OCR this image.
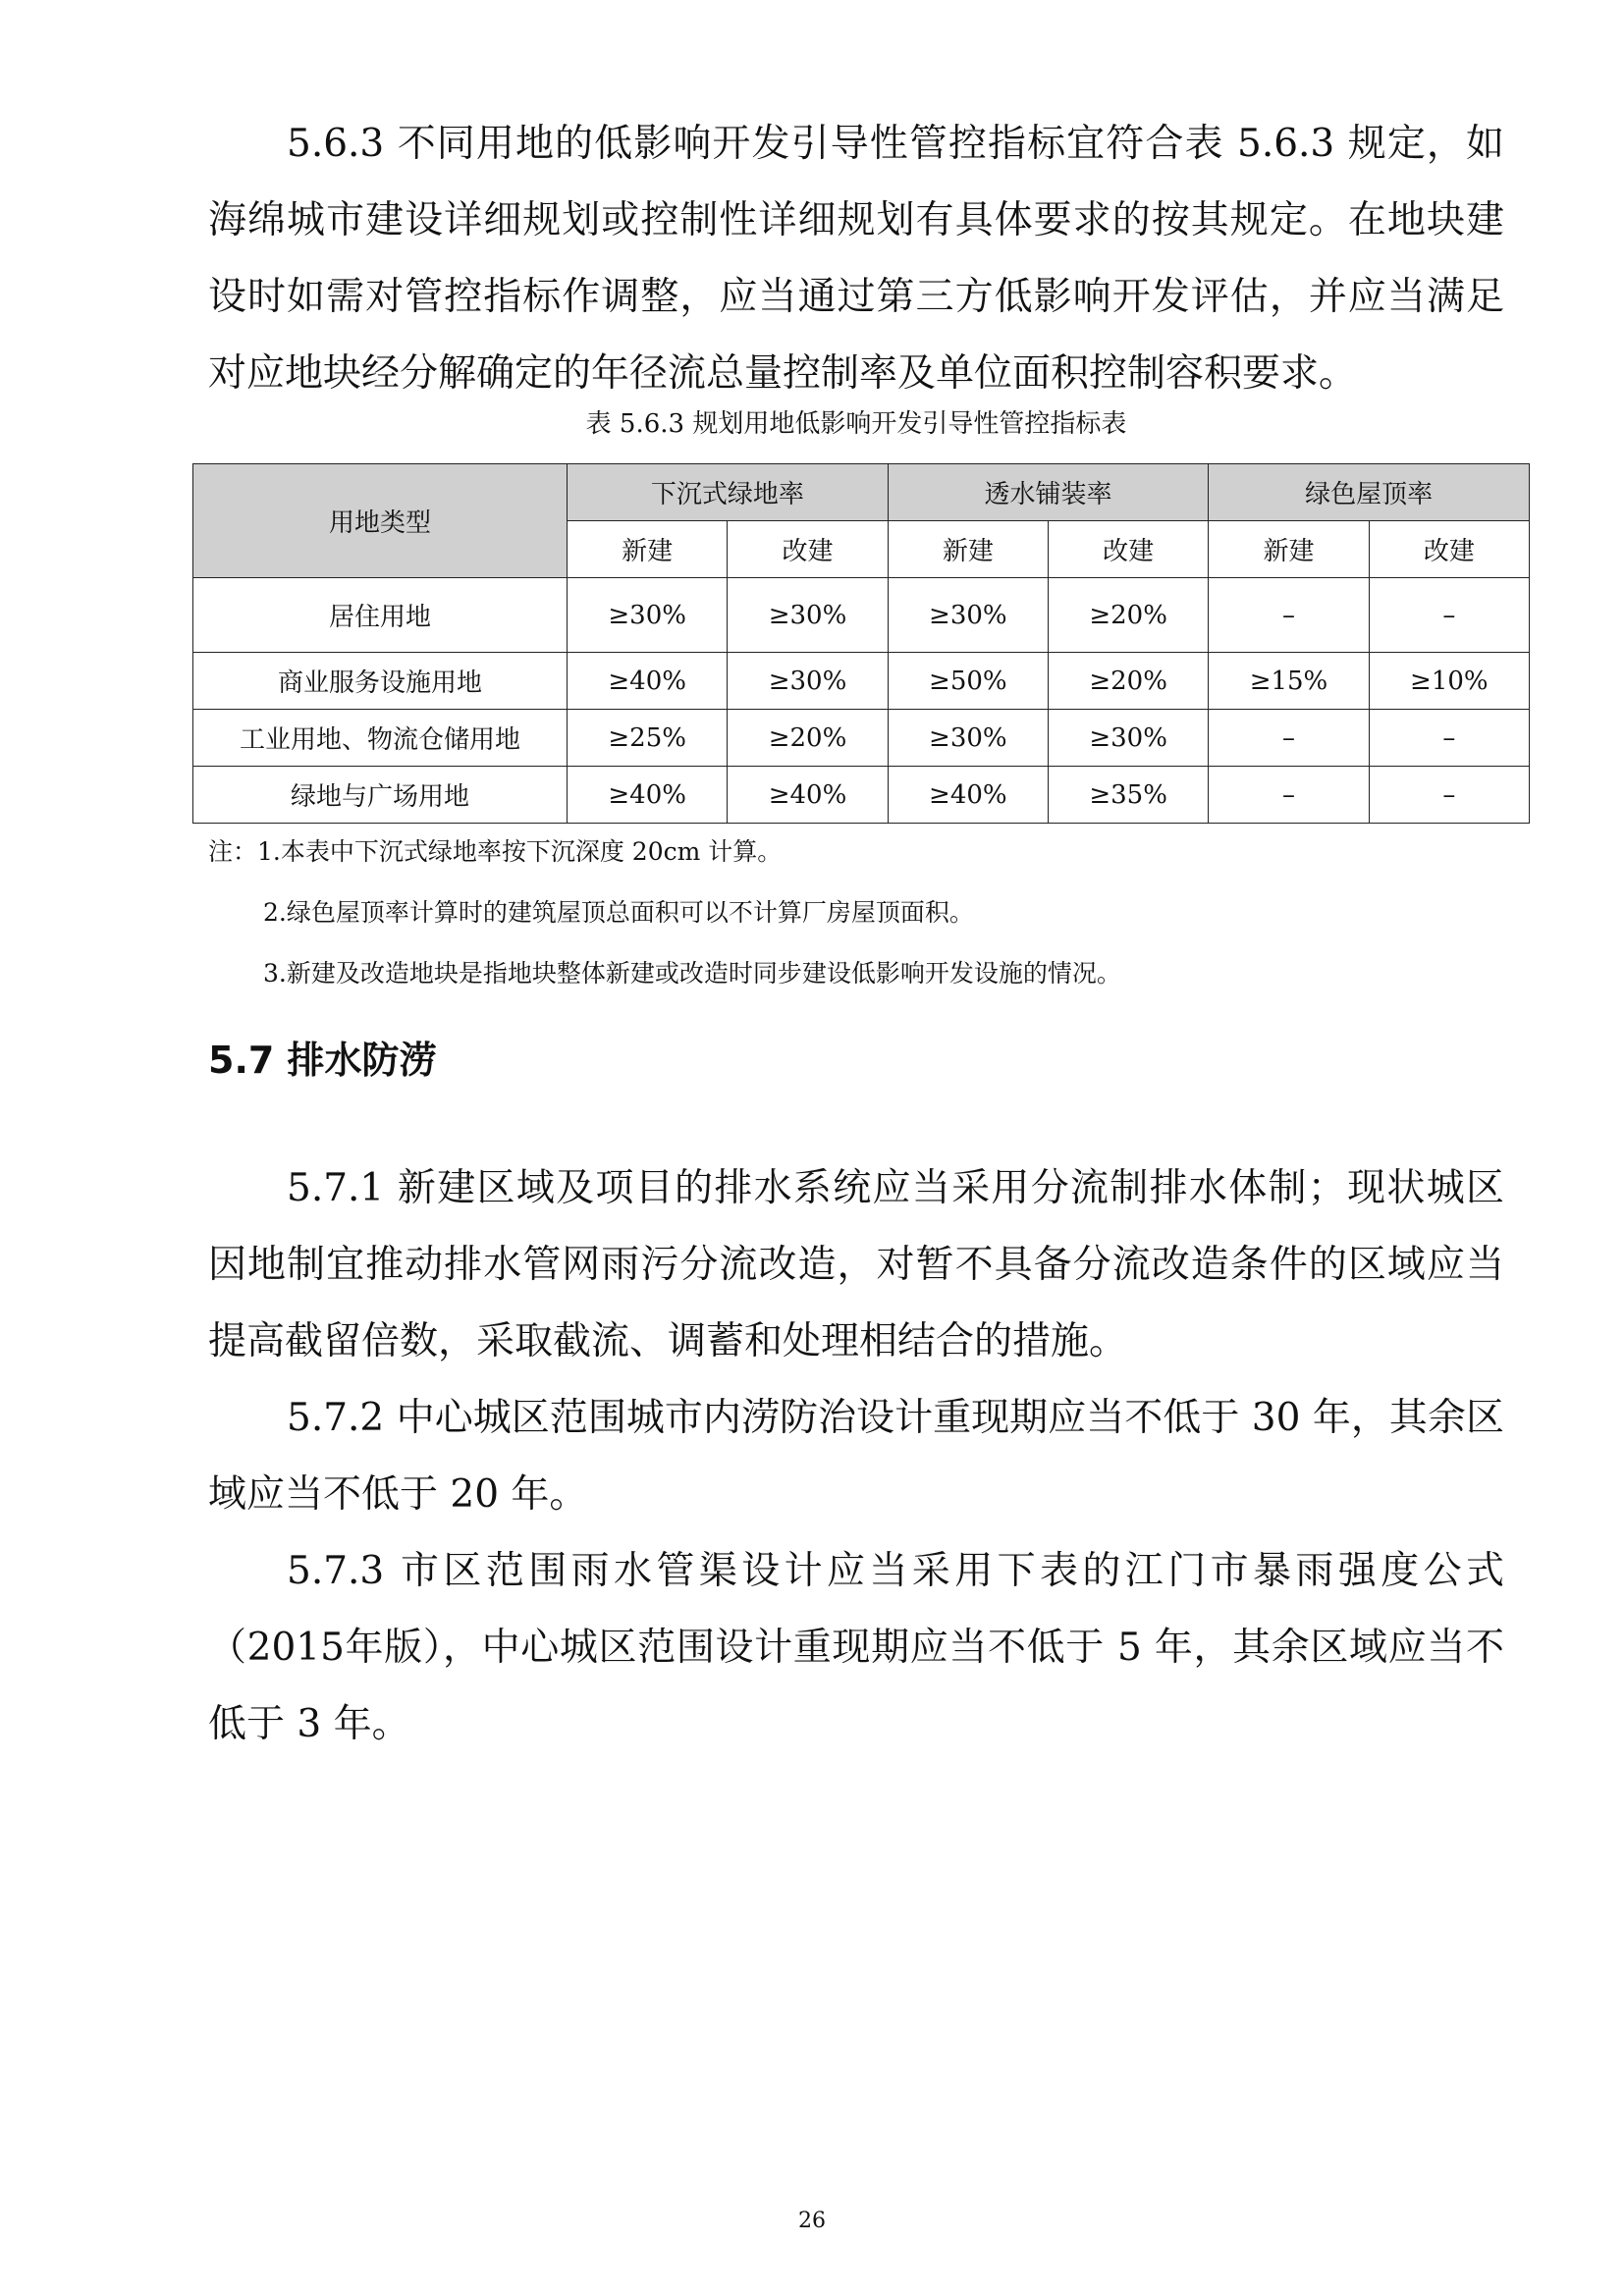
5.6.3 不同用地的低影响开发引导性管控指标宜符合表 5.6.3 规定，如海绵城市建设详细规划或控制性详细规划有具体要求的按其规定。在地块建设时如需对管控指标作调整，应当通过第三方低影响开发评估，并应当满足对应地块经分解确定的年径流总量控制率及单位面积控制容积要求。

表 5.6.3 规划用地低影响开发引导性管控指标表

用地类型	下沉式绿地率		透水铺装率		绿色屋顶率	
	新建	改建	新建	改建	新建	改建
居住用地	≥30%	≥30%	≥30%	≥20%	–	–
商业服务设施用地	≥40%	≥30%	≥50%	≥20%	≥15%	≥10%
工业用地、物流仓储用地	≥25%	≥20%	≥30%	≥30%	–	–
绿地与广场用地	≥40%	≥40%	≥40%	≥35%	–	–

注：1.本表中下沉式绿地率按下沉深度 20cm 计算。

2.绿色屋顶率计算时的建筑屋顶总面积可以不计算厂房屋顶面积。

3.新建及改造地块是指地块整体新建或改造时同步建设低影响开发设施的情况。

5.7 排水防涝

5.7.1 新建区域及项目的排水系统应当采用分流制排水体制；现状城区因地制宜推动排水管网雨污分流改造，对暂不具备分流改造条件的区域应当提高截留倍数，采取截流、调蓄和处理相结合的措施。

5.7.2 中心城区范围城市内涝防治设计重现期应当不低于 30 年，其余区域应当不低于 20 年。

5.7.3 市区范围雨水管渠设计应当采用下表的江门市暴雨强度公式（2015年版），中心城区范围设计重现期应当不低于 5 年，其余区域应当不低于 3 年。

26
